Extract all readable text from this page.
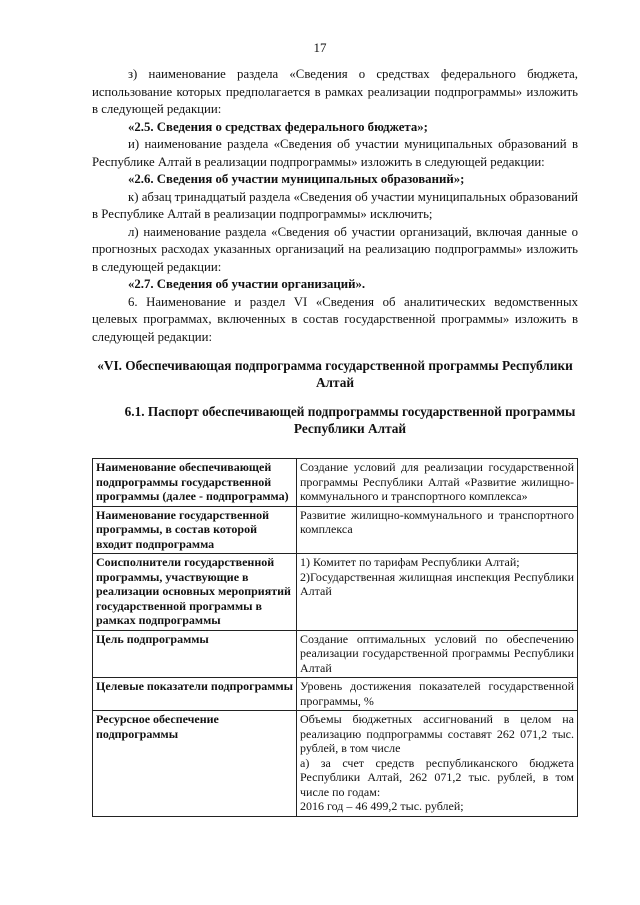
17

з) наименование раздела «Сведения о средствах федерального бюджета, использование которых предполагается в рамках реализации подпрограммы» изложить в следующей редакции:

«2.5. Сведения о средствах федерального бюджета»;

и) наименование раздела «Сведения об участии муниципальных образований в Республике Алтай в реализации подпрограммы» изложить в следующей редакции:

«2.6. Сведения об участии муниципальных образований»;

к) абзац тринадцатый раздела «Сведения об участии муниципальных образований в Республике Алтай в реализации подпрограммы» исключить;

л) наименование раздела «Сведения об участии организаций, включая данные о прогнозных расходах указанных организаций на реализацию подпрограммы» изложить в следующей редакции:

«2.7. Сведения об участии организаций».

6. Наименование и раздел VI «Сведения об аналитических ведомственных целевых программах, включенных в состав государственной программы» изложить в следующей редакции:

«VI. Обеспечивающая подпрограмма государственной программы Республики Алтай
6.1. Паспорт обеспечивающей подпрограммы государственной программы Республики Алтай
Наименование обеспечивающей подпрограммы государственной программы (далее - подпрограмма)	Создание условий для реализации государственной программы Республики Алтай «Развитие жилищно-коммунального и транспортного комплекса»

Наименование государственной программы, в состав которой входит подпрограмма	Развитие жилищно-коммунального и транспортного комплекса

Соисполнители государственной программы, участвующие в реализации основных мероприятий государственной программы в рамках подпрограммы	1) Комитет по тарифам Республики Алтай;
2)Государственная жилищная инспекция Республики Алтай

Цель подпрограммы	Создание оптимальных условий по обеспечению реализации государственной программы Республики Алтай

Целевые показатели подпрограммы	Уровень достижения показателей государственной программы, %

Ресурсное обеспечение подпрограммы	Объемы бюджетных ассигнований в целом на реализацию подпрограммы составят 262 071,2 тыс. рублей, в том числе
а) за счет средств республиканского бюджета Республики Алтай, 262 071,2 тыс. рублей, в том числе по годам:
2016 год – 46 499,2 тыс. рублей;
